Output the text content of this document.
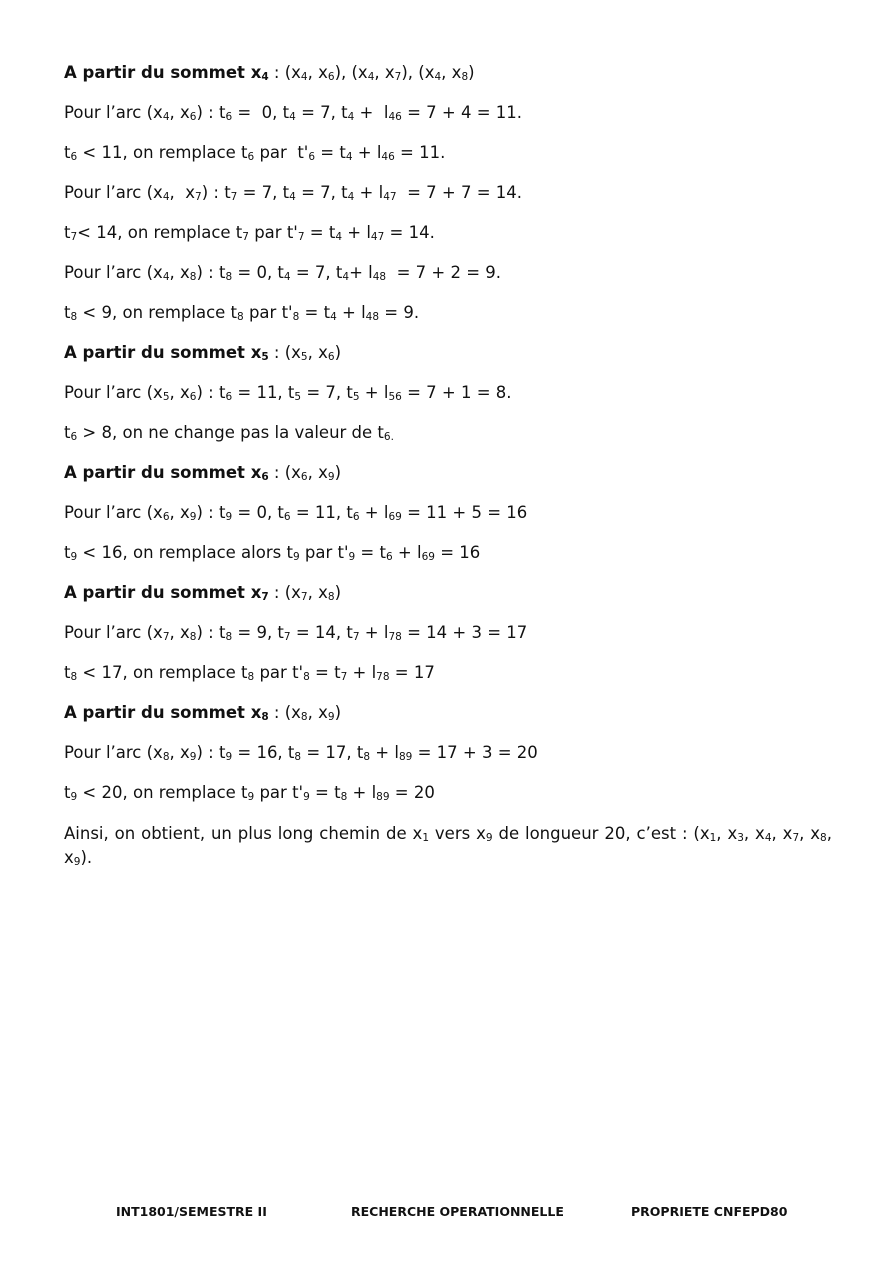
A partir du sommet $x_4$ : ($x_4$, $x_6$), ($x_4$, $x_7$), ($x_4$, $x_8$)
Pour l’arc ($x_4$, $x_6$) : $t_6 = 0$, $t_4 = 7$, $t_4 + l_{46} = 7 + 4 = 11$.
$t_6 < 11$, on remplace $t_6$ par  $t'_6 = t_4 + l_{46} = 11$.
Pour l’arc ($x_4$,  $x_7$) : $t_7 = 7$, $t_4 = 7$, $t_4 + l_{47} = 7 + 7 = 14$.
$t_7< 14$, on remplace $t_7$ par $t'_7 = t_4 + l_{47} = 14$.
Pour l’arc ($x_4$, $x_8$) : $t_8 = 0$, $t_4 = 7$, $t_4+ l_{48} = 7 + 2 = 9$.
$t_8 < 9$, on remplace $t_8$ par $t'_8 = t_4 + l_{48} = 9$.
A partir du sommet $x_5$ : ($x_5$, $x_6$)
Pour l’arc ($x_5$, $x_6$) : $t_6 = 11$, $t_5 = 7$, $t_5 + l_{56} = 7 + 1 = 8$.
$t_6 > 8$, on ne change pas la valeur de $t_{6.}$
A partir du sommet $x_6$ : ($x_6$, $x_9$)
Pour l’arc ($x_6$, $x_9$) : $t_9 = 0$, $t_6 = 11$, $t_6 + l_{69} = 11 + 5 = 16$
$t_9 < 16$, on remplace alors $t_9$ par $t'_9 = t_6 + l_{69} = 16$
A partir du sommet $x_7$ : ($x_7$, $x_8$)
Pour l’arc ($x_7$, $x_8$) : $t_8 = 9$, $t_7 = 14$, $t_7 + l_{78} = 14 + 3 = 17$
$t_8 < 17$, on remplace $t_8$ par $t'_8 = t_7 + l_{78} = 17$
A partir du sommet $x_8$ : ($x_8$, $x_9$)
Pour l’arc ($x_8$, $x_9$) : $t_9 = 16$, $t_8 = 17$, $t_8 + l_{89} = 17 + 3 = 20$
$t_9 < 20$, on remplace $t_9$ par $t'_9 = t_8 + l_{89} = 20$
Ainsi, on obtient, un plus long chemin de $x_1$ vers $x_9$ de longueur 20, c’est : ($x_1$, $x_3$, $x_4$, $x_7$, $x_8$, $x_9$).
INT1801/SEMESTRE II	RECHERCHE OPERATIONNELLE	PROPRIETE CNFEPD 80
